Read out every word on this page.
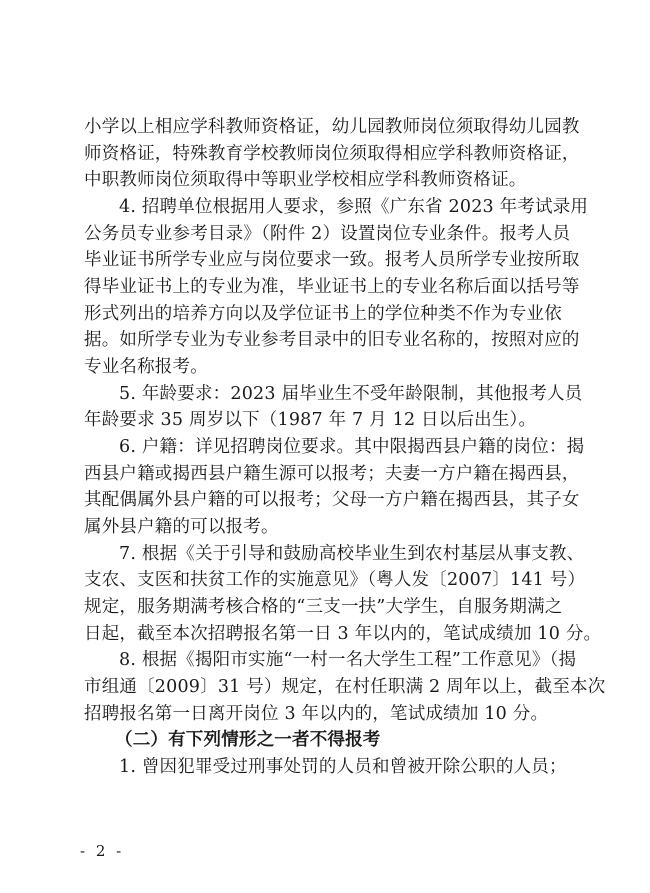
小学以上相应学科教师资格证，幼儿园教师岗位须取得幼儿园教
师资格证，特殊教育学校教师岗位须取得相应学科教师资格证，
中职教师岗位须取得中等职业学校相应学科教师资格证。
4. 招聘单位根据用人要求，参照《广东省 2023 年考试录用
公务员专业参考目录》（附件 2）设置岗位专业条件。报考人员
毕业证书所学专业应与岗位要求一致。报考人员所学专业按所取
得毕业证书上的专业为准，毕业证书上的专业名称后面以括号等
形式列出的培养方向以及学位证书上的学位种类不作为专业依
据。如所学专业为专业参考目录中的旧专业名称的，按照对应的
专业名称报考。
5. 年龄要求：2023 届毕业生不受年龄限制，其他报考人员
年龄要求 35 周岁以下（1987 年 7 月 12 日以后出生）。
6. 户籍：详见招聘岗位要求。其中限揭西县户籍的岗位：揭
西县户籍或揭西县户籍生源可以报考；夫妻一方户籍在揭西县，
其配偶属外县户籍的可以报考；父母一方户籍在揭西县，其子女
属外县户籍的可以报考。
7. 根据《关于引导和鼓励高校毕业生到农村基层从事支教、
支农、支医和扶贫工作的实施意见》（粤人发〔2007〕141 号）
规定，服务期满考核合格的“三支一扶”大学生，自服务期满之
日起，截至本次招聘报名第一日 3 年以内的，笔试成绩加 10 分。
8. 根据《揭阳市实施“一村一名大学生工程”工作意见》（揭
市组通〔2009〕31 号）规定，在村任职满 2 周年以上，截至本次
招聘报名第一日离开岗位 3 年以内的，笔试成绩加 10 分。
（二）有下列情形之一者不得报考
1. 曾因犯罪受过刑事处罚的人员和曾被开除公职的人员；
- 2 -
